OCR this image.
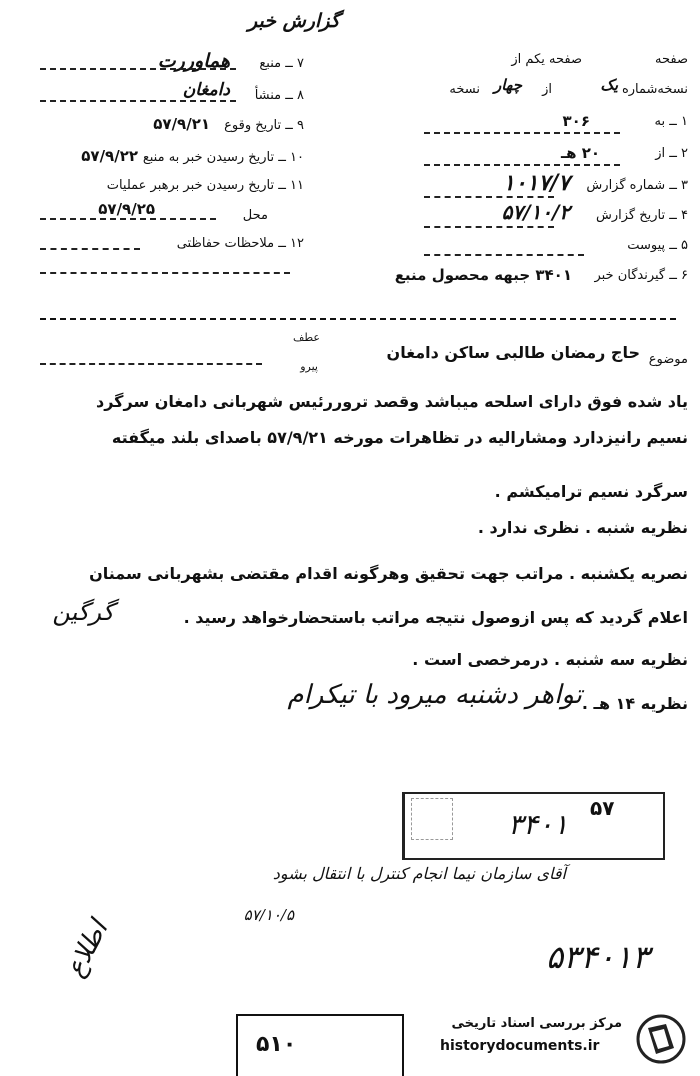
گزارش خبر
صفحه یکم از	صفحه
نسخه‌شماره
یک
از
چهار
نسخه
۱ ــ به
۳۰۶
۲ ــ از
۲۰ هـ
۳ ــ شماره گزارش
۱۰۱۷/۷
۴ ــ تاریخ گزارش
۵۷/۱۰/۲
۵ ــ پیوست
۶ ــ گیرندگان خبر
۳۴۰۱ جبهه محصول منبع
۷ ــ منبع
هماوررت
۸ ــ منشأ
دامغان
۹ ــ تاریخ وقوع
۵۷/۹/۲۱
۱۰ ــ تاریخ رسیدن خبر به منبع
۵۷/۹/۲۲
۱۱ ــ تاریخ رسیدن خبر برهبر عملیات
۵۷/۹/۲۵	محل
۱۲ ــ ملاحظات حفاظتی
موضوع
حاج رمضان طالبی ساکن دامغان
عطف
پیرو
یاد شده فوق دارای اسلحه میباشد وقصد تروررئیس شهربانی دامغان سرگرد
نسیم رانیزدارد ومشارالیه در تظاهرات مورخه ۵۷/۹/۲۱ باصدای بلند میگفته
سرگرد نسیم ترامیکشم .
نظریه شنبه . نظری ندارد .
نصریه یکشنبه . مراتب جهت تحقیق وهرگونه اقدام مقتضی بشهربانی سمنان
اعلام گردید که پس ازوصول نتیجه مراتب باستحضارخواهد رسید .
گرگین
نظریه سه شنبه . درمرخصی است .
نظریه ۱۴ هـ .
تواهر دشنبه میرود با تیکرام
۵۷
۳۴۰۱
آقای سازمان نیما انجام کنترل با انتقال بشود
۵۷/۱۰/۵
۵۳۴۰۱۳
اطلاع
۵۱۰
مرکز بررسی اسناد تاریخی
historydocuments.ir
